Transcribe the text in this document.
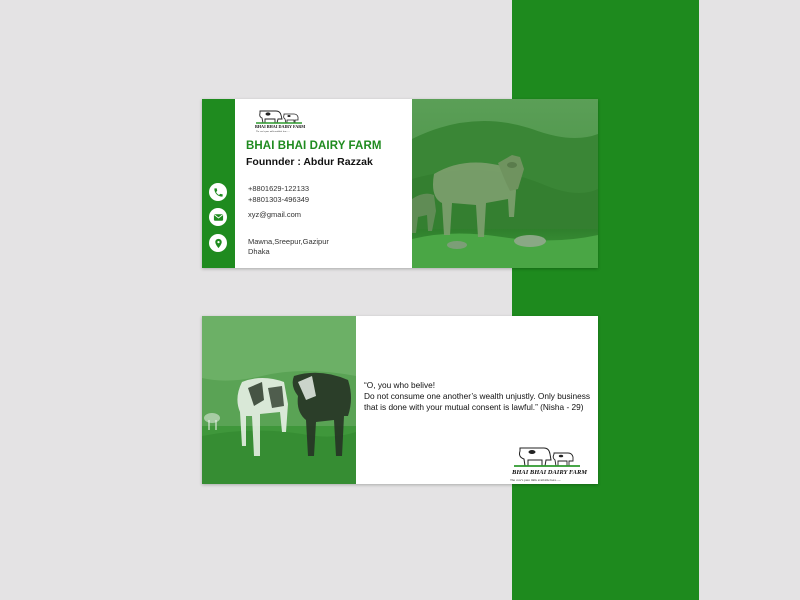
BHAI BHAI DAIRY FARM
The cow's pure milk available here......
BHAI BHAI DAIRY FARM
Founnder : Abdur Razzak
+8801629-122133
+8801303-496349
xyz@gmail.com
Mawna,Sreepur,Gazipur
Dhaka
“O, you who belive!
Do not consume one another’s wealth unjustly. Only business that is done with your mutual consent is lawful.” (Nisha - 29)
BHAI BHAI DAIRY FARM
The cow's pure milk available here......
